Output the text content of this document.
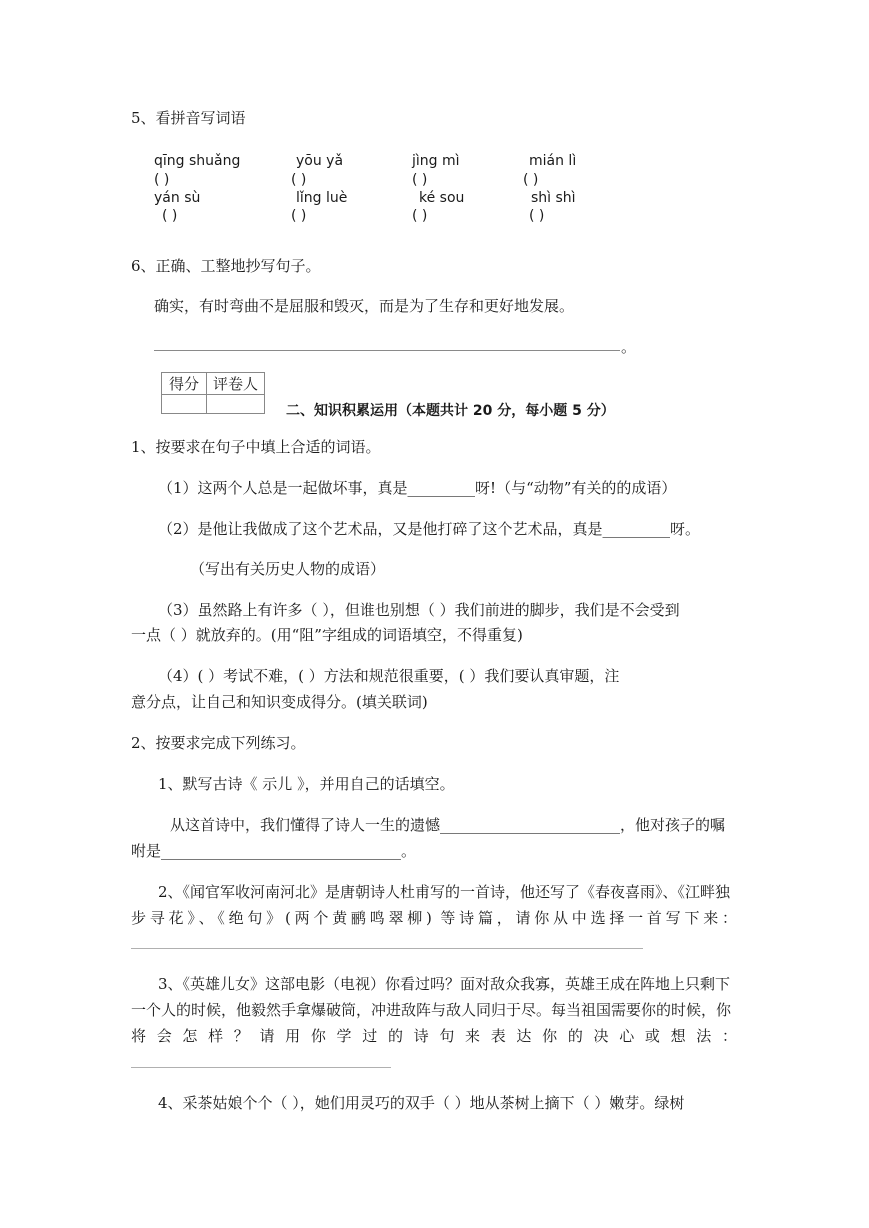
5、看拼音写词语
qīng shuǎng	yōu yǎ	jìng mì	mián lì
( )	( )	( )	( )
yán sù	lǐng luè	ké sou	shì shì
( )	( )	( )	( )
6、正确、工整地抄写句子。
确实，有时弯曲不是屈服和毁灭，而是为了生存和更好地发展。
。
得分	评卷人

二、知识积累运用（本题共计 20 分，每小题 5 分）
1、按要求在句子中填上合适的词语。
（1）这两个人总是一起做坏事，真是_________呀!（与“动物”有关的的成语）
（2）是他让我做成了这个艺术品，又是他打碎了这个艺术品，真是_________呀。
（写出有关历史人物的成语）
（3）虽然路上有许多（ ），但谁也别想（ ）我们前进的脚步，我们是不会受到
一点（ ）就放弃的。(用“阻”字组成的词语填空，不得重复)
（4）( ）考试不难，( ）方法和规范很重要，( ）我们要认真审题，注
意分点，让自己和知识变成得分。(填关联词)
2、按要求完成下列练习。
1、默写古诗《 示儿 》，并用自己的话填空。
从这首诗中，我们懂得了诗人一生的遗憾________________________，他对孩子的嘱
咐是________________________________。
2、《闻官军收河南河北》是唐朝诗人杜甫写的一首诗，他还写了《春夜喜雨》、《江畔独
步寻花》、《绝句》(两个黄鹂鸣翠柳) 等诗篇，请你从中选择一首写下来：
3、《英雄儿女》这部电影（电视）你看过吗？面对敌众我寡，英雄王成在阵地上只剩下
一个人的时候，他毅然手拿爆破筒，冲进敌阵与敌人同归于尽。每当祖国需要你的时候，你
将会怎样？请用你学过的诗句来表达你的决心或想法：
4、采茶姑娘个个（ ），她们用灵巧的双手（ ）地从茶树上摘下（ ）嫩芽。绿树
